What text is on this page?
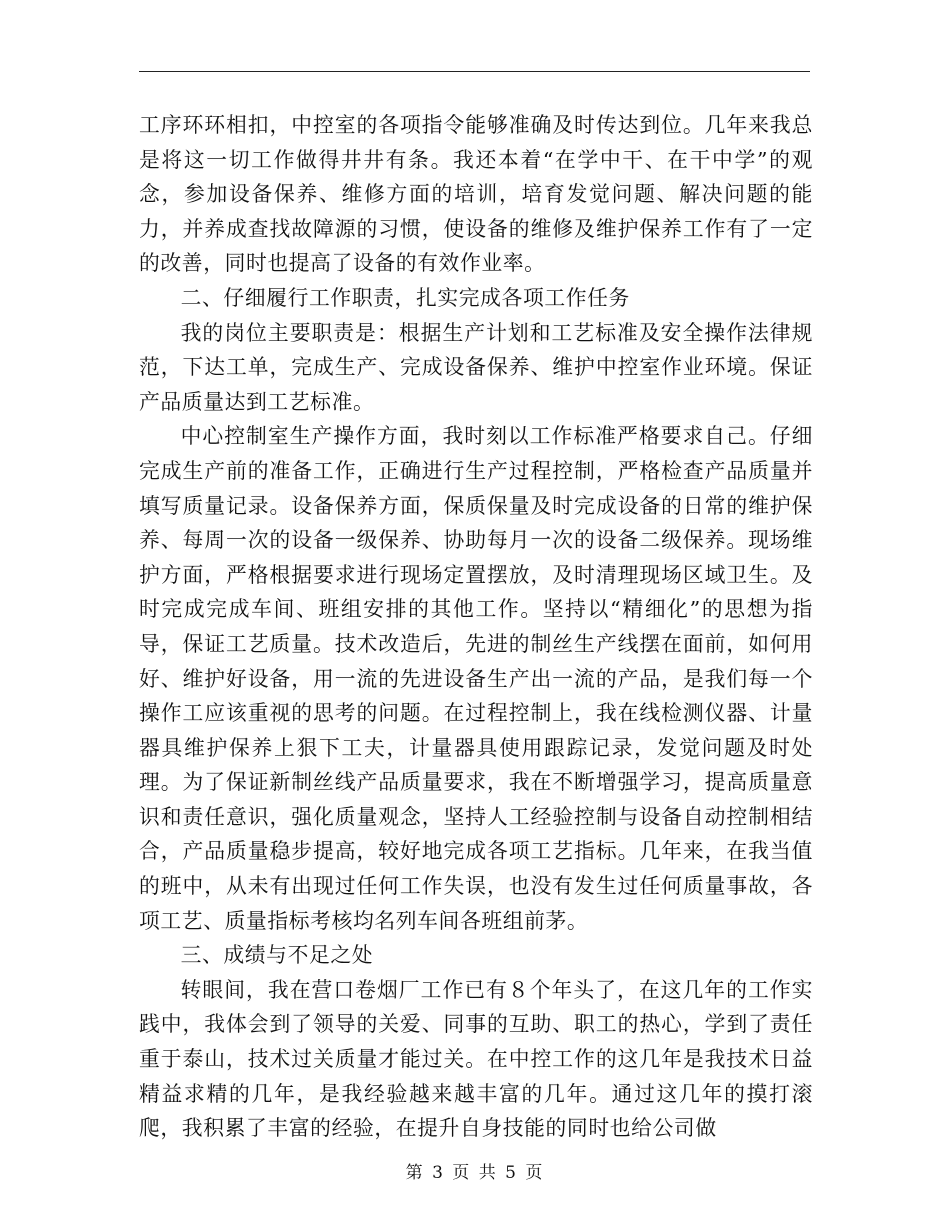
工序环环相扣，中控室的各项指令能够准确及时传达到位。几年来我总是将这一切工作做得井井有条。我还本着“在学中干、在干中学”的观念，参加设备保养、维修方面的培训，培育发觉问题、解决问题的能力，并养成查找故障源的习惯，使设备的维修及维护保养工作有了一定的改善，同时也提高了设备的有效作业率。

二、仔细履行工作职责，扎实完成各项工作任务

我的岗位主要职责是：根据生产计划和工艺标准及安全操作法律规范，下达工单，完成生产、完成设备保养、维护中控室作业环境。保证产品质量达到工艺标准。

中心控制室生产操作方面，我时刻以工作标准严格要求自己。仔细完成生产前的准备工作，正确进行生产过程控制，严格检查产品质量并填写质量记录。设备保养方面，保质保量及时完成设备的日常的维护保养、每周一次的设备一级保养、协助每月一次的设备二级保养。现场维护方面，严格根据要求进行现场定置摆放，及时清理现场区域卫生。及时完成完成车间、班组安排的其他工作。坚持以“精细化”的思想为指导，保证工艺质量。技术改造后，先进的制丝生产线摆在面前，如何用好、维护好设备，用一流的先进设备生产出一流的产品，是我们每一个操作工应该重视的思考的问题。在过程控制上，我在线检测仪器、计量器具维护保养上狠下工夫，计量器具使用跟踪记录，发觉问题及时处理。为了保证新制丝线产品质量要求，我在不断增强学习，提高质量意识和责任意识，强化质量观念，坚持人工经验控制与设备自动控制相结合，产品质量稳步提高，较好地完成各项工艺指标。几年来，在我当值的班中，从未有出现过任何工作失误，也没有发生过任何质量事故，各项工艺、质量指标考核均名列车间各班组前茅。

三、成绩与不足之处

转眼间，我在营口卷烟厂工作已有８个年头了，在这几年的工作实践中，我体会到了领导的关爱、同事的互助、职工的热心，学到了责任重于泰山，技术过关质量才能过关。在中控工作的这几年是我技术日益精益求精的几年，是我经验越来越丰富的几年。通过这几年的摸打滚爬，我积累了丰富的经验，在提升自身技能的同时也给公司做

第 3 页 共 5 页
